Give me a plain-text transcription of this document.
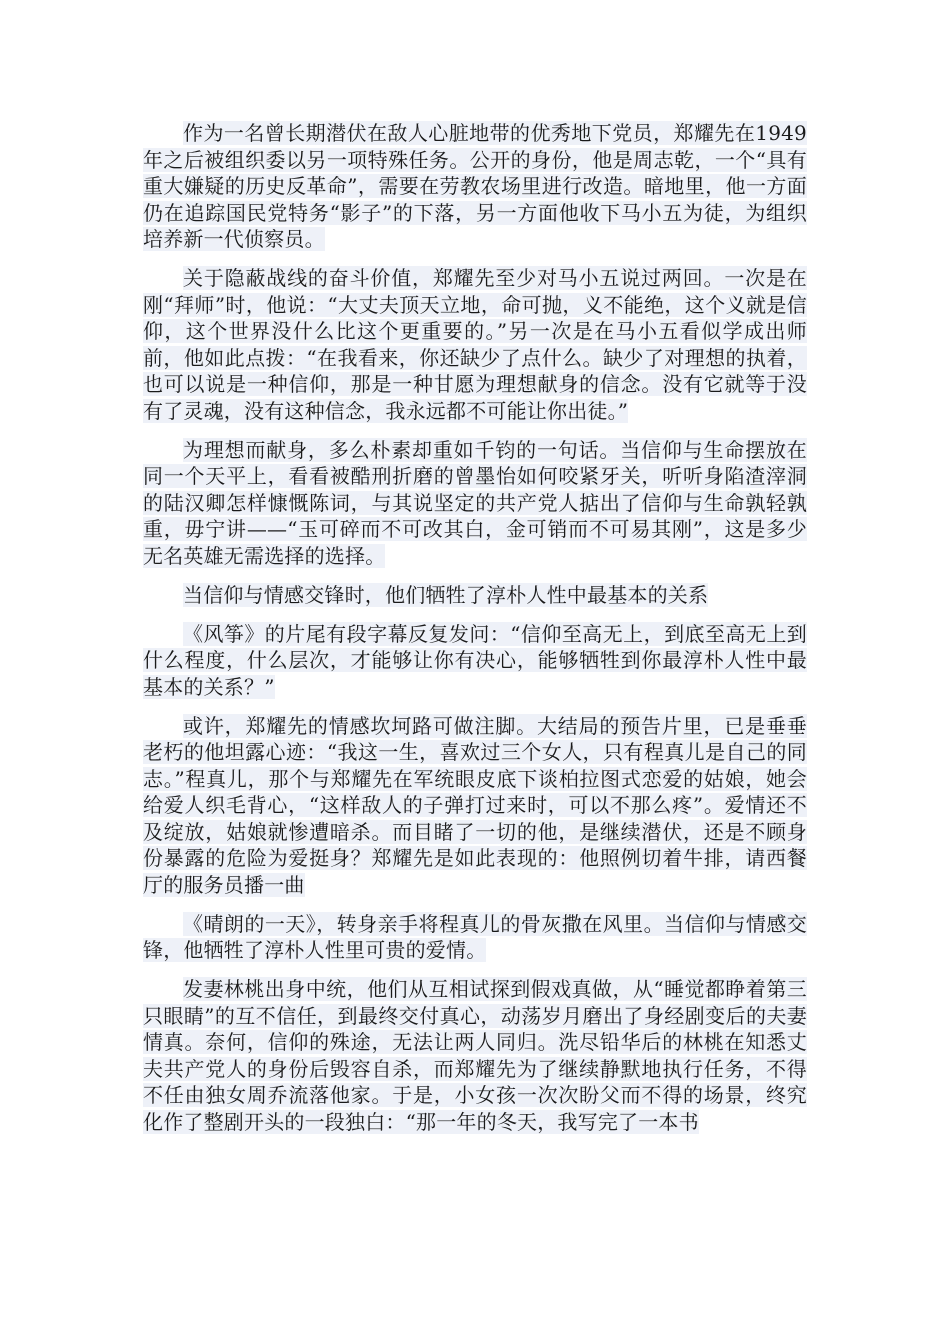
作为一名曾长期潜伏在敌人心脏地带的优秀地下党员，郑耀先在1949年之后被组织委以另一项特殊任务。公开的身份，他是周志乾，一个“具有重大嫌疑的历史反革命”，需要在劳教农场里进行改造。暗地里，他一方面仍在追踪国民党特务“影子”的下落，另一方面他收下马小五为徒，为组织培养新一代侦察员。

关于隐蔽战线的奋斗价值，郑耀先至少对马小五说过两回。一次是在刚“拜师”时，他说：“大丈夫顶天立地，命可抛，义不能绝，这个义就是信仰，这个世界没什么比这个更重要的。”另一次是在马小五看似学成出师前，他如此点拨：“在我看来，你还缺少了点什么。缺少了对理想的执着，也可以说是一种信仰，那是一种甘愿为理想献身的信念。没有它就等于没有了灵魂，没有这种信念，我永远都不可能让你出徒。”

为理想而献身，多么朴素却重如千钧的一句话。当信仰与生命摆放在同一个天平上，看看被酷刑折磨的曾墨怡如何咬紧牙关，听听身陷渣滓洞的陆汉卿怎样慷慨陈词，与其说坚定的共产党人掂出了信仰与生命孰轻孰重，毋宁讲——“玉可碎而不可改其白，金可销而不可易其刚”，这是多少无名英雄无需选择的选择。

当信仰与情感交锋时，他们牺牲了淳朴人性中最基本的关系

《风筝》的片尾有段字幕反复发问：“信仰至高无上，到底至高无上到什么程度，什么层次，才能够让你有决心，能够牺牲到你最淳朴人性中最基本的关系？”

或许，郑耀先的情感坎坷路可做注脚。大结局的预告片里，已是垂垂老朽的他坦露心迹：“我这一生，喜欢过三个女人，只有程真儿是自己的同志。”程真儿，那个与郑耀先在军统眼皮底下谈柏拉图式恋爱的姑娘，她会给爱人织毛背心，“这样敌人的子弹打过来时，可以不那么疼”。爱情还不及绽放，姑娘就惨遭暗杀。而目睹了一切的他，是继续潜伏，还是不顾身份暴露的危险为爱挺身？郑耀先是如此表现的：他照例切着牛排，请西餐厅的服务员播一曲

《晴朗的一天》，转身亲手将程真儿的骨灰撒在风里。当信仰与情感交锋，他牺牲了淳朴人性里可贵的爱情。

发妻林桃出身中统，他们从互相试探到假戏真做，从“睡觉都睁着第三只眼睛”的互不信任，到最终交付真心，动荡岁月磨出了身经剧变后的夫妻情真。奈何，信仰的殊途，无法让两人同归。洗尽铅华后的林桃在知悉丈夫共产党人的身份后毁容自杀，而郑耀先为了继续静默地执行任务，不得不任由独女周乔流落他家。于是，小女孩一次次盼父而不得的场景，终究化作了整剧开头的一段独白：“那一年的冬天，我写完了一本书
